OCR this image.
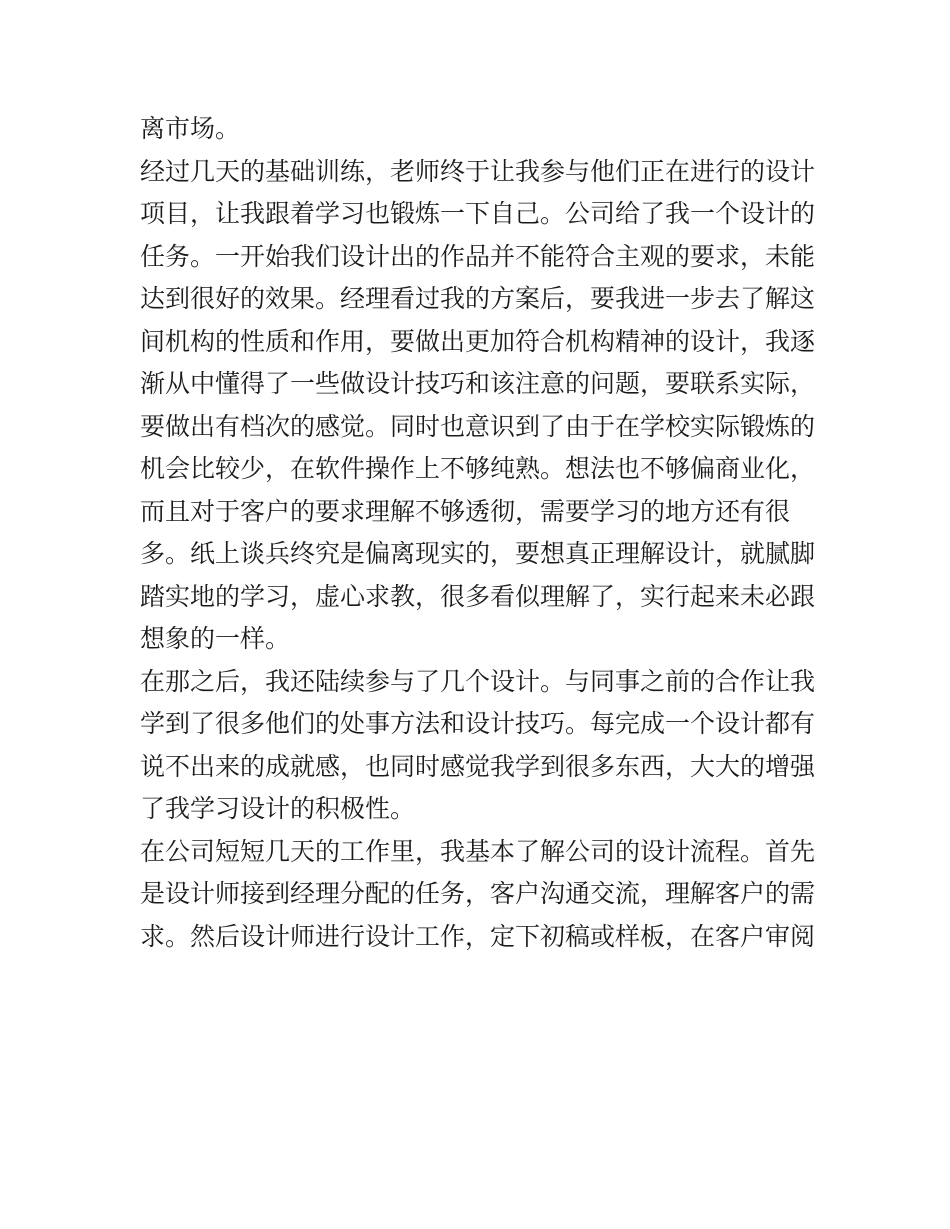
离市场。
经过几天的基础训练，老师终于让我参与他们正在进行的设计
项目，让我跟着学习也锻炼一下自己。公司给了我一个设计的
任务。一开始我们设计出的作品并不能符合主观的要求，未能
达到很好的效果。经理看过我的方案后，要我进一步去了解这
间机构的性质和作用，要做出更加符合机构精神的设计，我逐
渐从中懂得了一些做设计技巧和该注意的问题，要联系实际，
要做出有档次的感觉。同时也意识到了由于在学校实际锻炼的
机会比较少，在软件操作上不够纯熟。想法也不够偏商业化，
而且对于客户的要求理解不够透彻，需要学习的地方还有很
多。纸上谈兵终究是偏离现实的，要想真正理解设计，就腻脚
踏实地的学习，虚心求教，很多看似理解了，实行起来未必跟
想象的一样。
在那之后，我还陆续参与了几个设计。与同事之前的合作让我
学到了很多他们的处事方法和设计技巧。每完成一个设计都有
说不出来的成就感，也同时感觉我学到很多东西，大大的增强
了我学习设计的积极性。
在公司短短几天的工作里，我基本了解公司的设计流程。首先
是设计师接到经理分配的任务，客户沟通交流，理解客户的需
求。然后设计师进行设计工作，定下初稿或样板，在客户审阅
